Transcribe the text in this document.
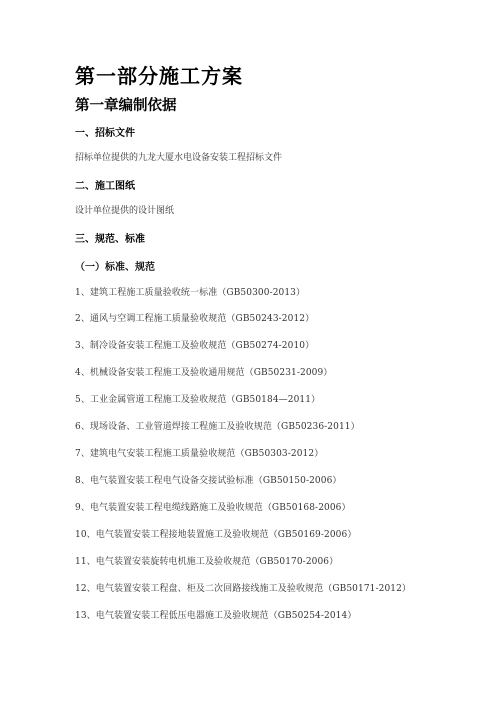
第一部分施工方案
第一章编制依据
一、招标文件
招标单位提供的九龙大厦水电设备安装工程招标文件
二、施工图纸
设计单位提供的设计图纸
三、规范、标准
（一）标准、规范
1、建筑工程施工质量验收统一标准（GB50300-2013）
2、通风与空调工程施工质量验收规范（GB50243-2012）
3、制冷设备安装工程施工及验收规范（GB50274-2010）
4、机械设备安装工程施工及验收通用规范（GB50231-2009）
5、工业金属管道工程施工及验收规范（GB50184—2011）
6、现场设备、工业管道焊接工程施工及验收规范（GB50236-2011）
7、建筑电气安装工程施工质量验收规范（GB50303-2012）
8、电气装置安装工程电气设备交接试验标准（GB50150-2006）
9、电气装置安装工程电缆线路施工及验收规范（GB50168-2006）
10、电气装置安装工程接地装置施工及验收规范（GB50169-2006）
11、电气装置安装旋转电机施工及验收规范（GB50170-2006）
12、电气装置安装工程盘、柜及二次回路接线施工及验收规范（GB50171-2012）
13、电气装置安装工程低压电器施工及验收规范（GB50254-2014）
